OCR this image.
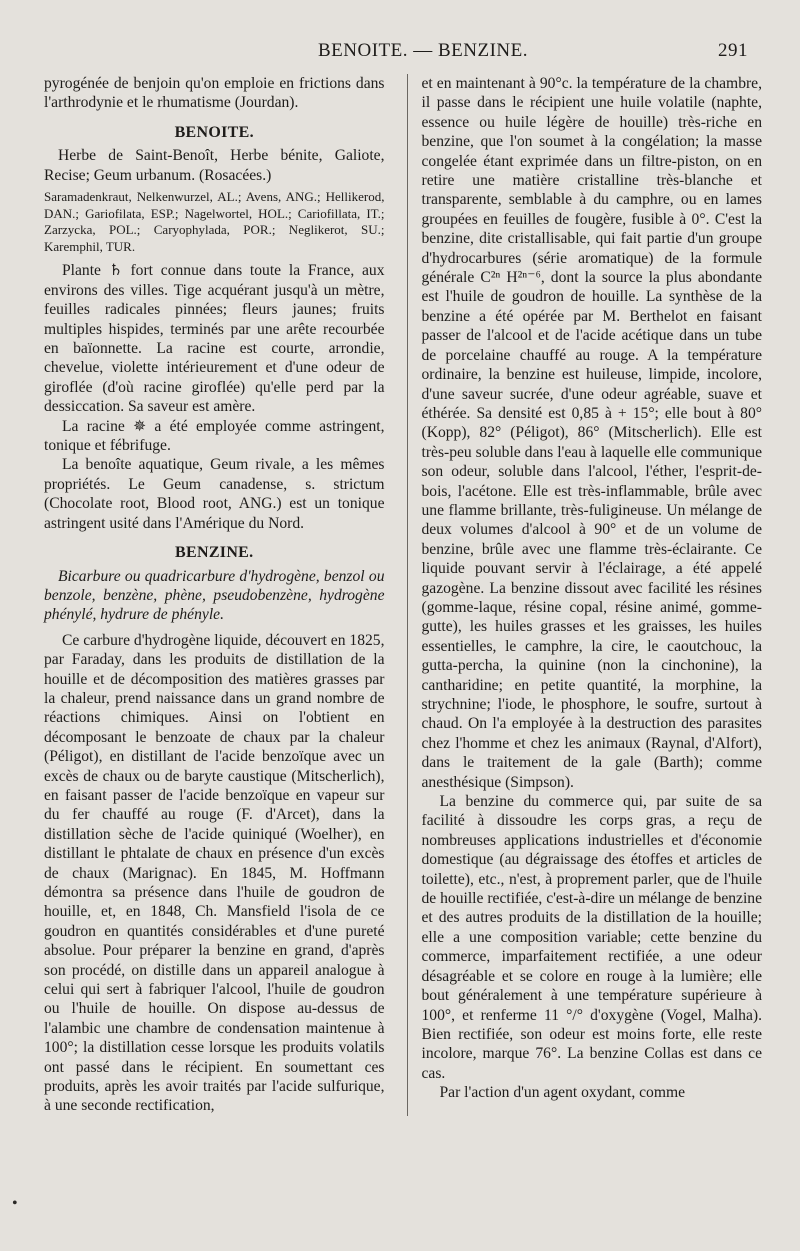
BENOITE. — BENZINE.	291

pyrogénée de benjoin qu'on emploie en frictions dans l'arthrodynie et le rhumatisme (Jourdan).

BENOITE.

Herbe de Saint-Benoît, Herbe bénite, Galiote, Recise; Geum urbanum. (Rosacées.)

Saramadenkraut, Nelkenwurzel, AL.; Avens, ANG.; Hellikerod, DAN.; Gariofilata, ESP.; Nagelwortel, HOL.; Cariofillata, IT.; Zarzycka, POL.; Caryophylada, POR.; Neglikerot, SU.; Karemphil, TUR.

Plante ♄ fort connue dans toute la France, aux environs des villes. Tige acquérant jusqu'à un mètre, feuilles radicales pinnées; fleurs jaunes; fruits multiples hispides, terminés par une arête recourbée en baïonnette. La racine est courte, arrondie, chevelue, violette intérieurement et d'une odeur de giroflée (d'où racine giroflée) qu'elle perd par la dessiccation. Sa saveur est amère.

La racine ✵ a été employée comme astringent, tonique et fébrifuge.

La benoîte aquatique, Geum rivale, a les mêmes propriétés. Le Geum canadense, s. strictum (Chocolate root, Blood root, ANG.) est un tonique astringent usité dans l'Amérique du Nord.

BENZINE.

Bicarbure ou quadricarbure d'hydrogène, benzol ou benzole, benzène, phène, pseudobenzène, hydrogène phénylé, hydrure de phényle.

Ce carbure d'hydrogène liquide, découvert en 1825, par Faraday, dans les produits de distillation de la houille et de décomposition des matières grasses par la chaleur, prend naissance dans un grand nombre de réactions chimiques. Ainsi on l'obtient en décomposant le benzoate de chaux par la chaleur (Péligot), en distillant de l'acide benzoïque avec un excès de chaux ou de baryte caustique (Mitscherlich), en faisant passer de l'acide benzoïque en vapeur sur du fer chauffé au rouge (F. d'Arcet), dans la distillation sèche de l'acide quiniqué (Woelher), en distillant le phtalate de chaux en présence d'un excès de chaux (Marignac). En 1845, M. Hoffmann démontra sa présence dans l'huile de goudron de houille, et, en 1848, Ch. Mansfield l'isola de ce goudron en quantités considérables et d'une pureté absolue. Pour préparer la benzine en grand, d'après son procédé, on distille dans un appareil analogue à celui qui sert à fabriquer l'alcool, l'huile de goudron ou l'huile de houille. On dispose au-dessus de l'alambic une chambre de condensation maintenue à 100°; la distillation cesse lorsque les produits volatils ont passé dans le récipient. En soumettant ces produits, après les avoir traités par l'acide sulfurique, à une seconde rectification,

et en maintenant à 90°c. la température de la chambre, il passe dans le récipient une huile volatile (naphte, essence ou huile légère de houille) très-riche en benzine, que l'on soumet à la congélation; la masse congelée étant exprimée dans un filtre-piston, on en retire une matière cristalline très-blanche et transparente, semblable à du camphre, ou en lames groupées en feuilles de fougère, fusible à 0°. C'est la benzine, dite cristallisable, qui fait partie d'un groupe d'hydrocarbures (série aromatique) de la formule générale C²ⁿ H²ⁿ⁻⁶, dont la source la plus abondante est l'huile de goudron de houille. La synthèse de la benzine a été opérée par M. Berthelot en faisant passer de l'alcool et de l'acide acétique dans un tube de porcelaine chauffé au rouge. A la température ordinaire, la benzine est huileuse, limpide, incolore, d'une saveur sucrée, d'une odeur agréable, suave et éthérée. Sa densité est 0,85 à + 15°; elle bout à 80° (Kopp), 82° (Péligot), 86° (Mitscherlich). Elle est très-peu soluble dans l'eau à laquelle elle communique son odeur, soluble dans l'alcool, l'éther, l'esprit-de-bois, l'acétone. Elle est très-inflammable, brûle avec une flamme brillante, très-fuligineuse. Un mélange de deux volumes d'alcool à 90° et de un volume de benzine, brûle avec une flamme très-éclairante. Ce liquide pouvant servir à l'éclairage, a été appelé gazogène. La benzine dissout avec facilité les résines (gomme-laque, résine copal, résine animé, gomme-gutte), les huiles grasses et les graisses, les huiles essentielles, le camphre, la cire, le caoutchouc, la gutta-percha, la quinine (non la cinchonine), la cantharidine; en petite quantité, la morphine, la strychnine; l'iode, le phosphore, le soufre, surtout à chaud. On l'a employée à la destruction des parasites chez l'homme et chez les animaux (Raynal, d'Alfort), dans le traitement de la gale (Barth); comme anesthésique (Simpson).

La benzine du commerce qui, par suite de sa facilité à dissoudre les corps gras, a reçu de nombreuses applications industrielles et d'économie domestique (au dégraissage des étoffes et articles de toilette), etc., n'est, à proprement parler, que de l'huile de houille rectifiée, c'est-à-dire un mélange de benzine et des autres produits de la distillation de la houille; elle a une composition variable; cette benzine du commerce, imparfaitement rectifiée, a une odeur désagréable et se colore en rouge à la lumière; elle bout généralement à une température supérieure à 100°, et renferme 11 °/° d'oxygène (Vogel, Malha). Bien rectifiée, son odeur est moins forte, elle reste incolore, marque 76°. La benzine Collas est dans ce cas.

Par l'action d'un agent oxydant, comme

•
